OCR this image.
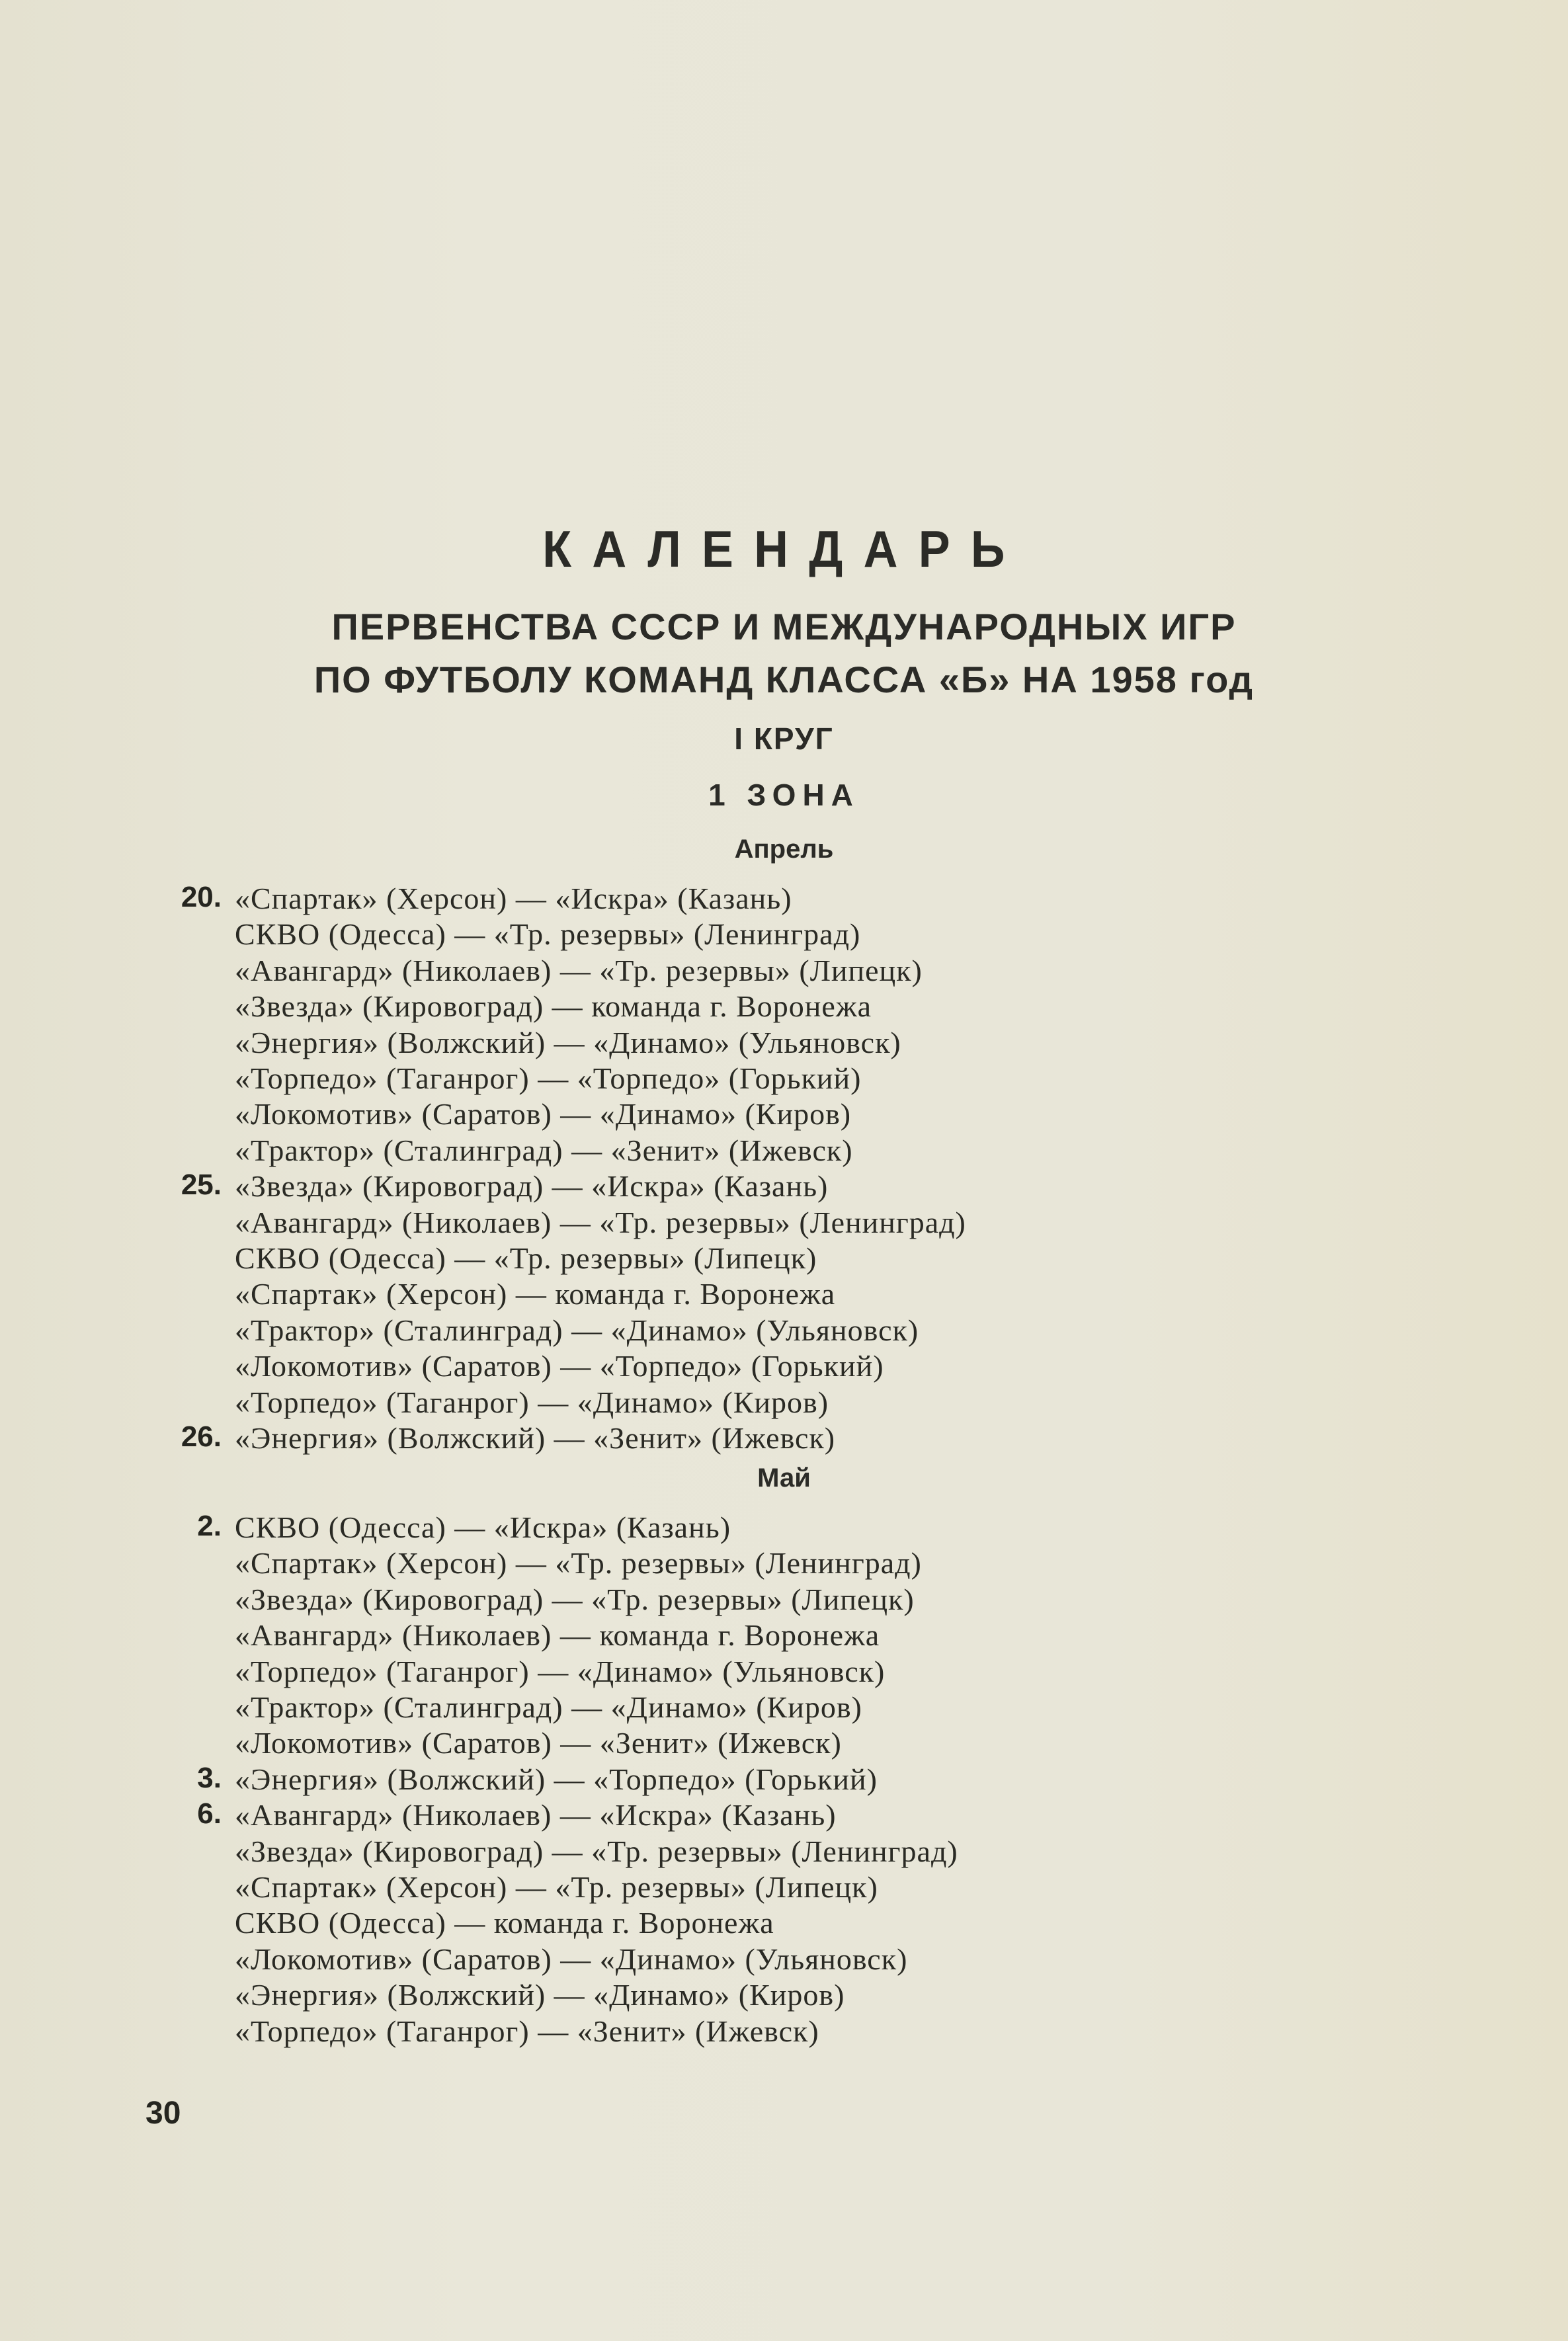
КАЛЕНДАРЬ
ПЕРВЕНСТВА СССР И МЕЖДУНАРОДНЫХ ИГР
ПО ФУТБОЛУ КОМАНД КЛАССА «Б» НА 1958 год
I КРУГ
1 ЗОНА
Апрель
20. «Спартак» (Херсон) — «Искра» (Казань)
СКВО (Одесса) — «Тр. резервы» (Ленинград)
«Авангард» (Николаев) — «Тр. резервы» (Липецк)
«Звезда» (Кировоград) — команда г. Воронежа
«Энергия» (Волжский) — «Динамо» (Ульяновск)
«Торпедо» (Таганрог) — «Торпедо» (Горький)
«Локомотив» (Саратов) — «Динамо» (Киров)
«Трактор» (Сталинград) — «Зенит» (Ижевск)
25. «Звезда» (Кировоград) — «Искра» (Казань)
«Авангард» (Николаев) — «Тр. резервы» (Ленинград)
СКВО (Одесса) — «Тр. резервы» (Липецк)
«Спартак» (Херсон) — команда г. Воронежа
«Трактор» (Сталинград) — «Динамо» (Ульяновск)
«Локомотив» (Саратов) — «Торпедо» (Горький)
«Торпедо» (Таганрог) — «Динамо» (Киров)
26. «Энергия» (Волжский) — «Зенит» (Ижевск)
Май
2. СКВО (Одесса) — «Искра» (Казань)
«Спартак» (Херсон) — «Тр. резервы» (Ленинград)
«Звезда» (Кировоград) — «Тр. резервы» (Липецк)
«Авангард» (Николаев) — команда г. Воронежа
«Торпедо» (Таганрог) — «Динамо» (Ульяновск)
«Трактор» (Сталинград) — «Динамо» (Киров)
«Локомотив» (Саратов) — «Зенит» (Ижевск)
3. «Энергия» (Волжский) — «Торпедо» (Горький)
6. «Авангард» (Николаев) — «Искра» (Казань)
«Звезда» (Кировоград) — «Тр. резервы» (Ленинград)
«Спартак» (Херсон) — «Тр. резервы» (Липецк)
СКВО (Одесса) — команда г. Воронежа
«Локомотив» (Саратов) — «Динамо» (Ульяновск)
«Энергия» (Волжский) — «Динамо» (Киров)
«Торпедо» (Таганрог) — «Зенит» (Ижевск)
30
